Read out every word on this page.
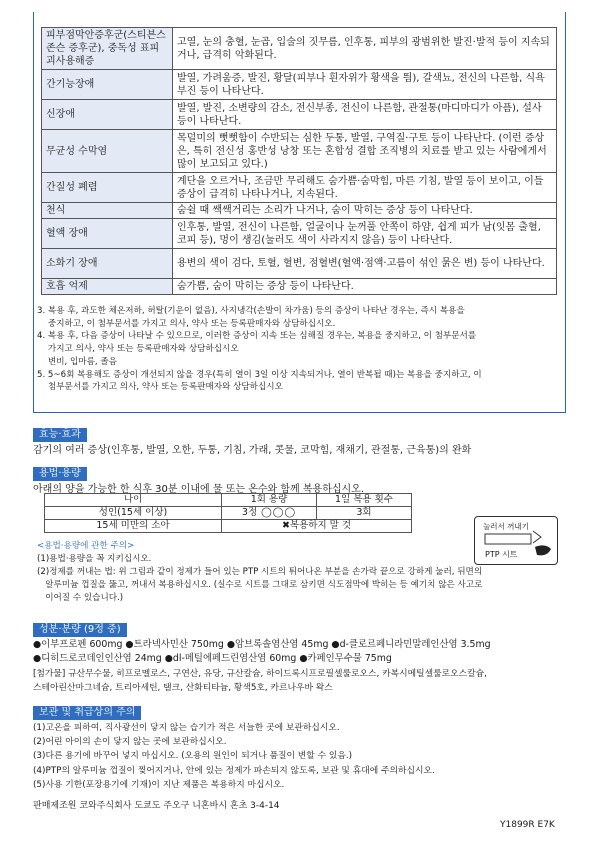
피부점막안증후군(스티븐스 존슨 증후군), 중독성 표피괴사용해증	고열, 눈의 충혈, 눈곱, 입술의 짓무름, 인후통, 피부의 광범위한 발진·발적 등이 지속되거나, 급격히 악화된다.
간기능장애	발열, 가려움증, 발진, 황달(피부나 흰자위가 황색을 띔), 갈색뇨, 전신의 나른함, 식욕부진 등이 나타난다.
신장애	발열, 발진, 소변량의 감소, 전신부종, 전신이 나른함, 관절통(마디마디가 아픔), 설사 등이 나타난다.
무균성 수막염	목덜미의 뻣뻣함이 수반되는 심한 두통, 발열, 구역질·구토 등이 나타난다. (이런 증상은, 특히 전신성 홍반성 낭창 또는 혼합성 결합 조직병의 치료를 받고 있는 사람에게서 많이 보고되고 있다.)
간질성 폐렴	계단을 오르거나, 조금만 무리해도 숨가쁨·숨막힘, 마른 기침, 발열 등이 보이고, 이들 증상이 급격히 나타나거나, 지속된다.
천식	숨쉴 때 쌕쌕거리는 소리가 나거나, 숨이 막히는 증상 등이 나타난다.
혈액 장애	인후통, 발열, 전신이 나른함, 얼굴이나 눈꺼풀 안쪽이 하얌, 쉽게 피가 남(잇몸 출혈, 코피 등), 멍이 생김(눌러도 색이 사라지지 않음) 등이 나타난다.
소화기 장애	용변의 색이 검다, 토혈, 혈변, 점혈변(혈액·점액·고름이 섞인 묽은 변) 등이 나타난다.
호흡 억제	숨가쁨, 숨이 막히는 증상 등이 나타난다.

3. 복용 후, 과도한 체온저하, 허탈(기운이 없음), 사지냉각(손발이 차가움) 등의 증상이 나타난 경우는, 즉시 복용을

중지하고, 이 첨부문서를 가지고 의사, 약사 또는 등록판매자와 상담하십시오.

4. 복용 후, 다음 증상이 나타날 수 있으므로, 이러한 증상이 지속 또는 심해질 경우는, 복용을 중지하고, 이 첨부문서를

가지고 의사, 약사 또는 등록판매자와 상담하십시오

변비, 입마름, 졸음

5. 5~6회 복용해도 증상이 개선되지 않을 경우(특히 열이 3일 이상 지속되거나, 열이 반복될 때)는 복용을 중지하고, 이

첨부문서를 가지고 의사, 약사 또는 등록판매자와 상담하십시오

효능·효과
감기의 여러 증상(인후통, 발열, 오한, 두통, 기침, 가래, 콧물, 코막힘, 재채기, 관절통, 근육통)의 완화
용법·용량
아래의 양을 가능한 한 식후 30분 이내에 물 또는 온수와 함께 복용하십시오.
나이	1회 용량	1일 복용 횟수
성인(15세 이상)	3정 ◯◯◯	3회
15세 미만의 소아	✖복용하지 말 것	
<용법·용량에 관한 주의>
(1)용법·용량을 꼭 지키십시오.
(2)정제를 꺼내는 법: 위 그림과 같이 정제가 들어 있는 PTP 시트의 튀어나온 부분을 손가락 끝으로 강하게 눌러, 뒤면의
알루미늄 껍질을 뚫고, 꺼내서 복용하십시오. (실수로 시트를 그대로 삼키면 식도점막에 박히는 등 예기치 않은 사고로
이어질 수 있습니다.)
눌러서 꺼내기
PTP 시트
성분·분량 (9정 중)
●이부프로펜 600mg ●트라넥사민산 750mg ●암브록솔염산염 45mg ●d-클로르페니라민말레인산염 3.5mg
●디히드로코데인인산염 24mg ●dl-메틸에페드린염산염 60mg ●카페인무수물 75mg
[첨가물] 규산무수물, 히프로멜로스, 구연산, 유당, 규산칼슘, 하이드록시프로필셀룰로오스, 카복시메틸셀룰로오스칼슘,
스테아린산마그네슘, 트리아세틴, 탤크, 산화티타늄, 황색5호, 카르나우바 왁스
보관 및 취급상의 주의
(1)고온을 피하여, 직사광선이 닿지 않는 습기가 적은 서늘한 곳에 보관하십시오.
(2)어린 아이의 손이 닿지 않는 곳에 보관하십시오.
(3)다른 용기에 바꾸어 넣지 마십시오. (오용의 원인이 되거나 품질이 변할 수 있음.)
(4)PTP의 알루미늄 껍질이 찢어지거나, 안에 있는 정제가 파손되지 않도록, 보관 및 휴대에 주의하십시오.
(5)사용 기한(포장용기에 기재)이 지난 제품은 복용하지 마십시오.
판매제조원 코와주식회사 도쿄도 주오구 니혼바시 혼초 3-4-14
Y1899R E7K
